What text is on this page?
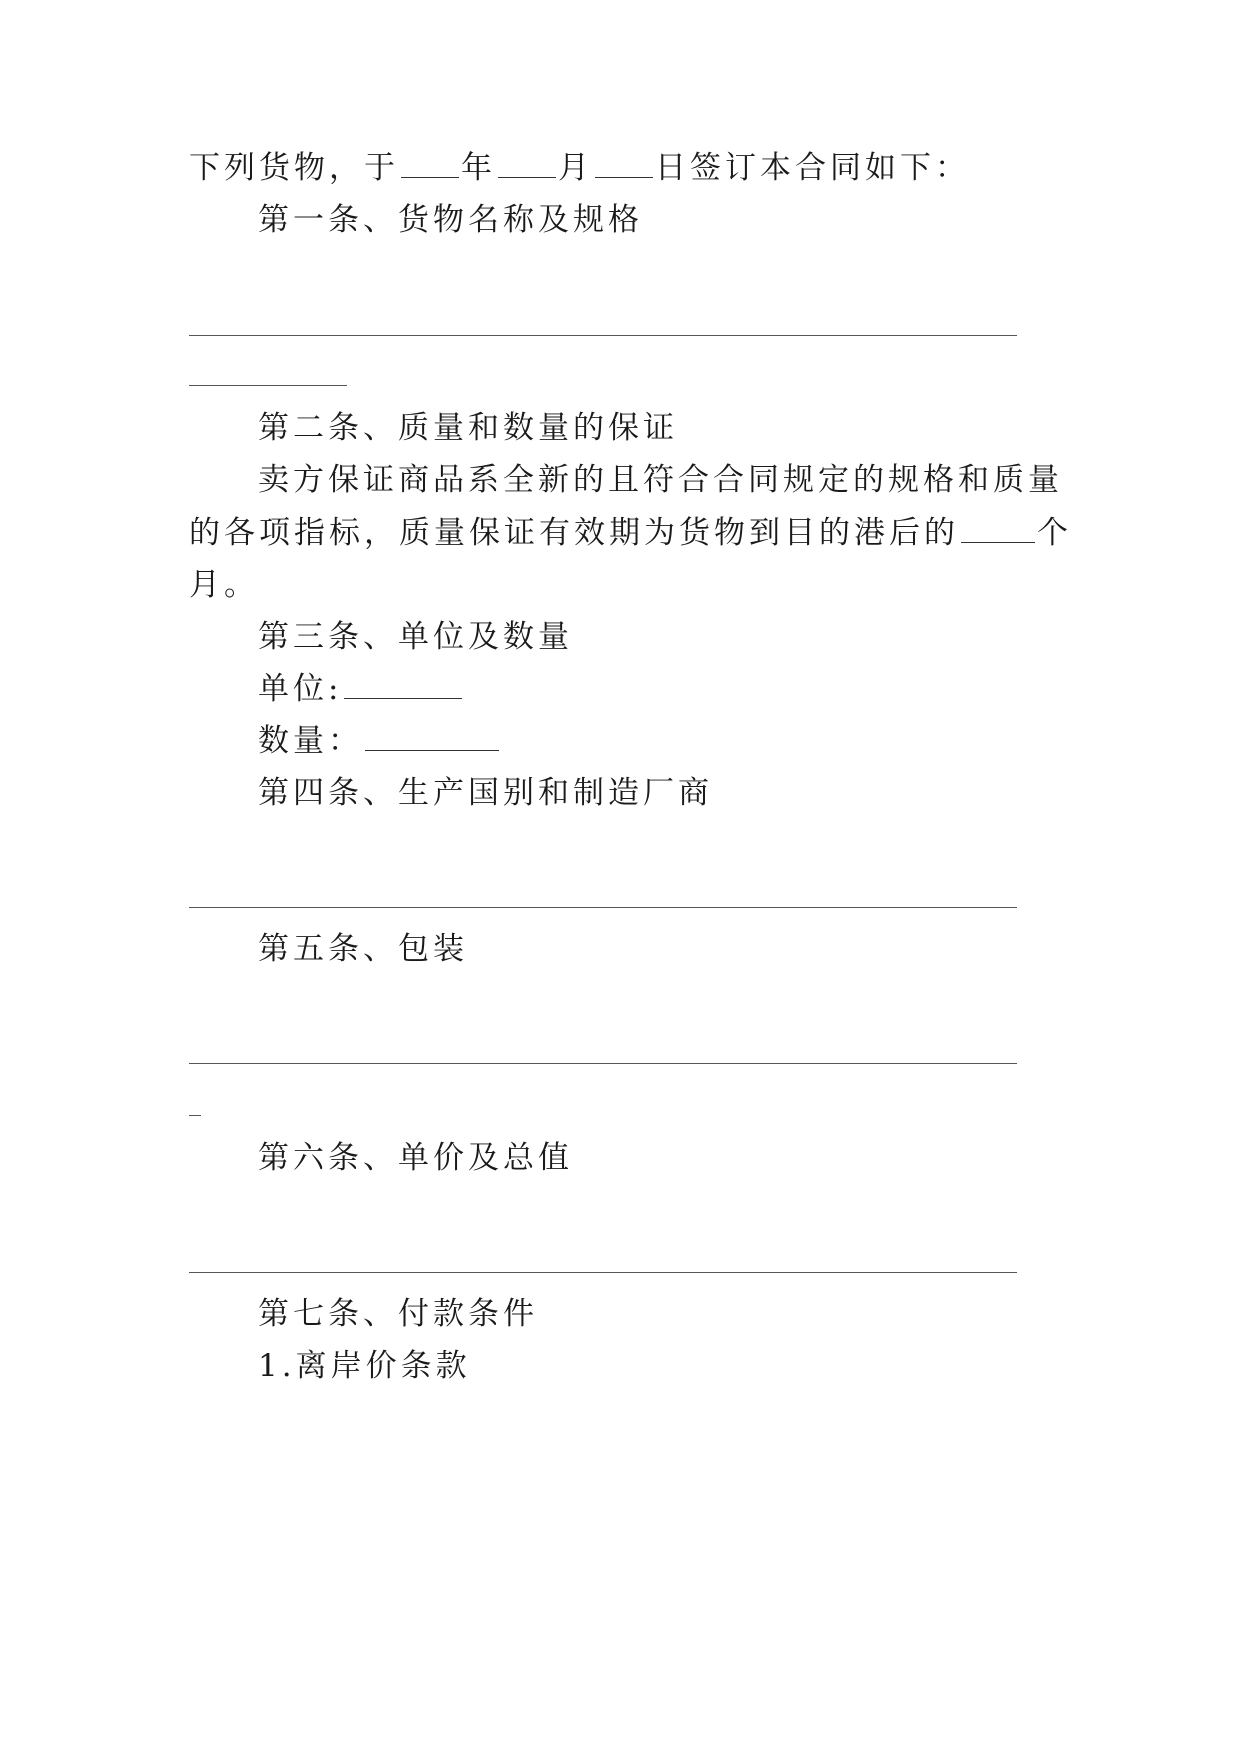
下列货物，于 年 月 日签订本合同如下：
第一条、货物名称及规格
第二条、质量和数量的保证
卖方保证商品系全新的且符合合同规定的规格和质量
的各项指标，质量保证有效期为货物到目的港后的	个
月。
第三条、单位及数量
单位:
数量：
第四条、生产国别和制造厂商
第五条、包装
第六条、单价及总值
第七条、付款条件
1.离岸价条款
